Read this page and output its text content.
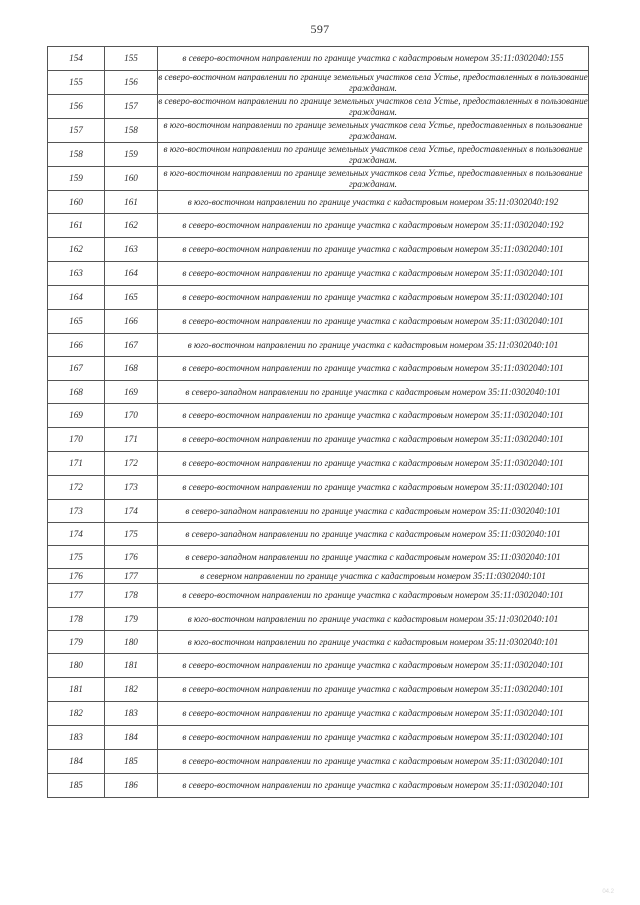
597
154	155	в северо-восточном направлении по границе участка с кадастровым номером 35:11:0302040:155
155	156	в северо-восточном направлении по границе земельных участков села Устье, предоставленных в пользование гражданам.
156	157	в северо-восточном направлении по границе земельных участков села Устье, предоставленных в пользование гражданам.
157	158	в юго-восточном направлении по границе земельных участков села Устье, предоставленных в пользование гражданам.
158	159	в юго-восточном направлении по границе земельных участков села Устье, предоставленных в пользование гражданам.
159	160	в юго-восточном направлении по границе земельных участков села Устье, предоставленных в пользование гражданам.
160	161	в юго-восточном направлении по границе участка с кадастровым номером 35:11:0302040:192
161	162	в северо-восточном направлении по границе участка с кадастровым номером 35:11:0302040:192
162	163	в северо-восточном направлении по границе участка с кадастровым номером 35:11:0302040:101
163	164	в северо-восточном направлении по границе участка с кадастровым номером 35:11:0302040:101
164	165	в северо-восточном направлении по границе участка с кадастровым номером 35:11:0302040:101
165	166	в северо-восточном направлении по границе участка с кадастровым номером 35:11:0302040:101
166	167	в юго-восточном направлении по границе участка с кадастровым номером 35:11:0302040:101
167	168	в северо-восточном направлении по границе участка с кадастровым номером 35:11:0302040:101
168	169	в северо-западном направлении по границе участка с кадастровым номером 35:11:0302040:101
169	170	в северо-восточном направлении по границе участка с кадастровым номером 35:11:0302040:101
170	171	в северо-восточном направлении по границе участка с кадастровым номером 35:11:0302040:101
171	172	в северо-восточном направлении по границе участка с кадастровым номером 35:11:0302040:101
172	173	в северо-восточном направлении по границе участка с кадастровым номером 35:11:0302040:101
173	174	в северо-западном направлении по границе участка с кадастровым номером 35:11:0302040:101
174	175	в северо-западном направлении по границе участка с кадастровым номером 35:11:0302040:101
175	176	в северо-западном направлении по границе участка с кадастровым номером 35:11:0302040:101
176	177	в северном направлении по границе участка с кадастровым номером 35:11:0302040:101
177	178	в северо-восточном направлении по границе участка с кадастровым номером 35:11:0302040:101
178	179	в юго-восточном направлении по границе участка с кадастровым номером 35:11:0302040:101
179	180	в юго-восточном направлении по границе участка с кадастровым номером 35:11:0302040:101
180	181	в северо-восточном направлении по границе участка с кадастровым номером 35:11:0302040:101
181	182	в северо-восточном направлении по границе участка с кадастровым номером 35:11:0302040:101
182	183	в северо-восточном направлении по границе участка с кадастровым номером 35:11:0302040:101
183	184	в северо-восточном направлении по границе участка с кадастровым номером 35:11:0302040:101
184	185	в северо-восточном направлении по границе участка с кадастровым номером 35:11:0302040:101
185	186	в северо-восточном направлении по границе участка с кадастровым номером 35:11:0302040:101
04.2
